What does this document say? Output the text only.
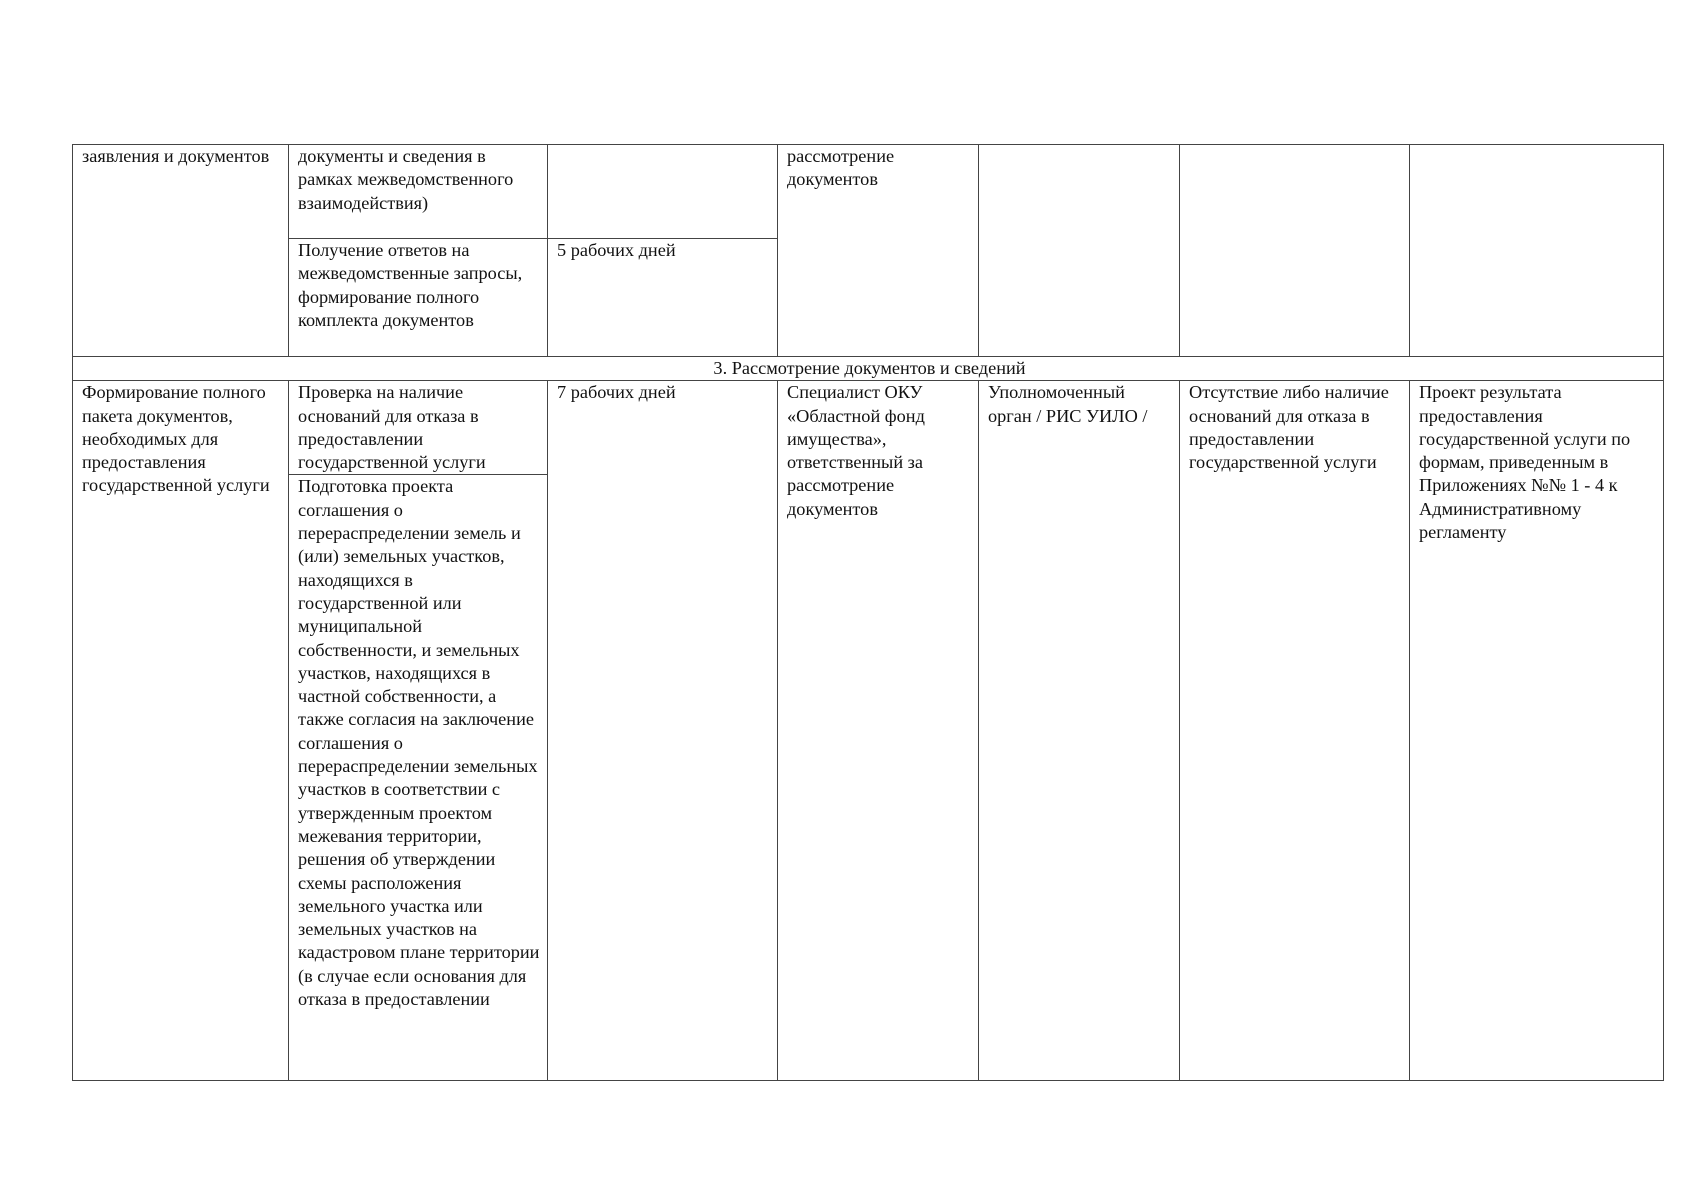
заявления и документов	документы и сведения в рамках межведомственного взаимодействия)		рассмотрение документов			

	Получение ответов на межведомственные запросы, формирование полного комплекта документов	5 рабочих дней				

3. Рассмотрение документов и сведений						

Формирование полного пакета документов, необходимых для предоставления государственной услуги	Проверка на наличие оснований для отказа в предоставлении государственной услуги	7 рабочих дней	Специалист ОКУ «Областной фонд имущества», ответственный за рассмотрение документов	Уполномоченный орган / РИС УИЛО /	Отсутствие либо наличие оснований для отказа в предоставлении государственной услуги	Проект результата предоставления государственной услуги по формам, приведенным в Приложениях №№ 1 - 4 к Административному регламенту

	Подготовка проекта соглашения о перераспределении земель и (или) земельных участков, находящихся в государственной или муниципальной собственности, и земельных участков, находящихся в частной собственности, а также согласия на заключение соглашения о перераспределении земельных участков в соответствии с утвержденным проектом межевания территории, решения об утверждении схемы расположения земельного участка или земельных участков на кадастровом плане территории (в случае если основания для отказа в предоставлении					
